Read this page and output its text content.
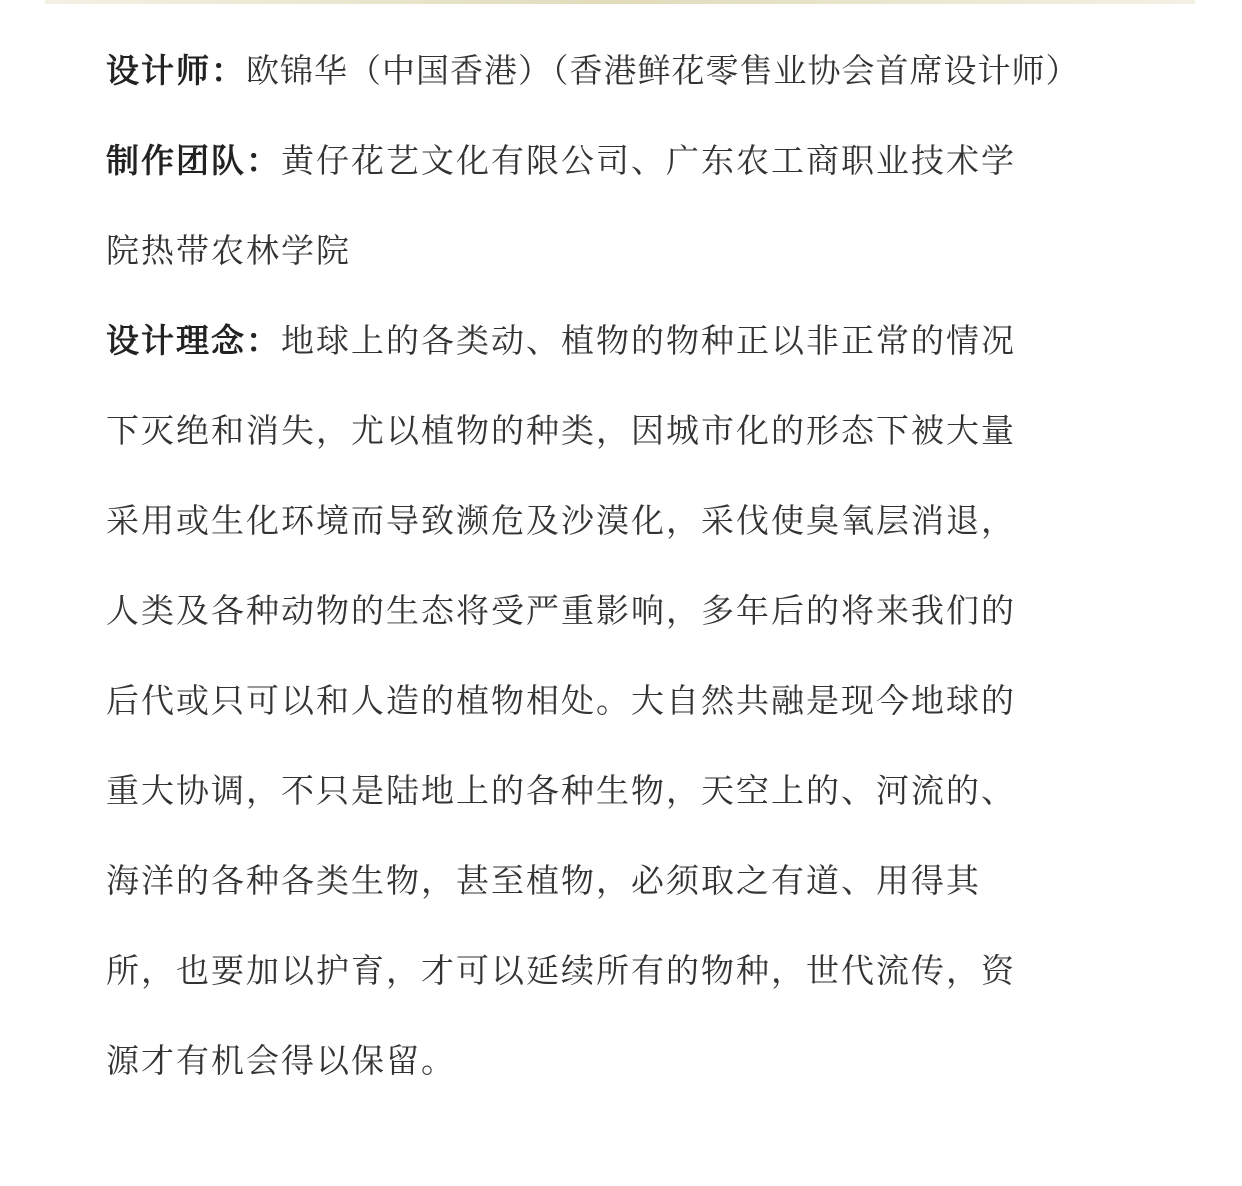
设计师：欧锦华（中国香港）（香港鲜花零售业协会首席设计师）

制作团队：黄仔花艺文化有限公司、广东农工商职业技术学
院热带农林学院

设计理念：地球上的各类动、植物的物种正以非正常的情况
下灭绝和消失，尤以植物的种类，因城市化的形态下被大量
采用或生化环境而导致濒危及沙漠化，采伐使臭氧层消退，
人类及各种动物的生态将受严重影响，多年后的将来我们的
后代或只可以和人造的植物相处。大自然共融是现今地球的
重大协调，不只是陆地上的各种生物，天空上的、河流的、
海洋的各种各类生物，甚至植物，必须取之有道、用得其
所，也要加以护育，才可以延续所有的物种，世代流传，资
源才有机会得以保留。
